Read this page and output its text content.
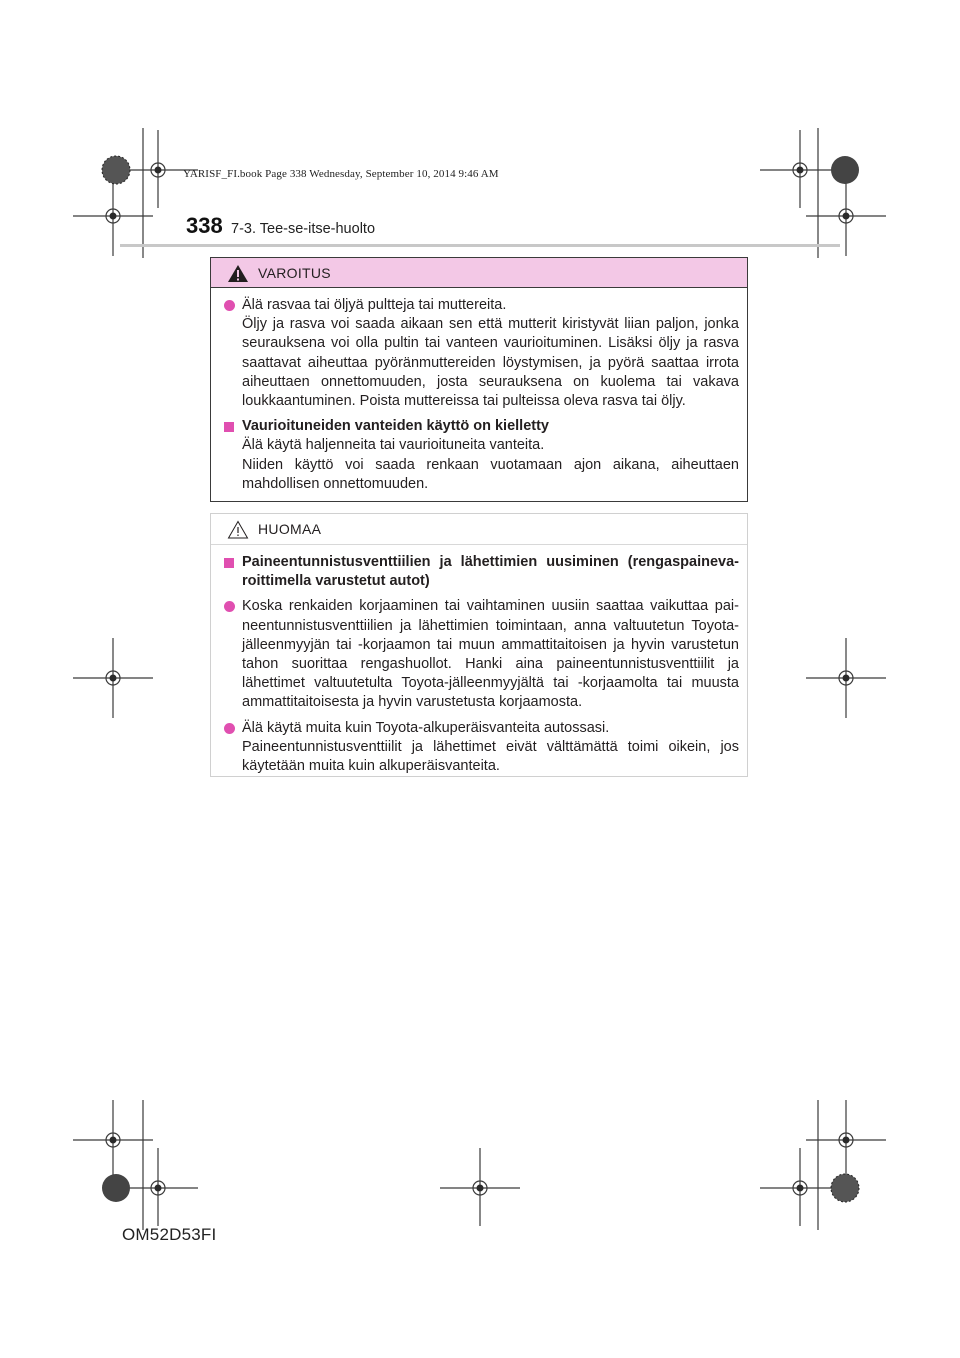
YARISF_FI.book Page 338 Wednesday, September 10, 2014 9:46 AM
338 7-3. Tee-se-itse-huolto
VAROITUS

Älä rasvaa tai öljyä pultteja tai muttereita.

Öljy ja rasva voi saada aikaan sen että mutterit kiristyvät liian paljon, jonka seurauksena voi olla pultin tai vanteen vaurioituminen. Lisäksi öljy ja rasva saattavat aiheuttaa pyöränmuttereiden löystymisen, ja pyörä saattaa irrota aiheuttaen onnettomuuden, josta seurauksena on kuolema tai vakava loukkaantuminen. Poista muttereissa tai pulteissa oleva rasva tai öljy.

Vaurioituneiden vanteiden käyttö on kielletty

Älä käytä haljenneita tai vaurioituneita vanteita.

Niiden käyttö voi saada renkaan vuotamaan ajon aikana, aiheuttaen mahdollisen onnettomuuden.

HUOMAA

Paineentunnistusventtiilien ja lähettimien uusiminen (rengaspainevaroittimella varustetut autot)

Koska renkaiden korjaaminen tai vaihtaminen uusiin saattaa vaikuttaa paineentunnistusventtiilien ja lähettimien toimintaan, anna valtuutetun Toyota-jälleenmyyjän tai -korjaamon tai muun ammattitaitoisen ja hyvin varustetun tahon suorittaa rengashuollot. Hanki aina paineentunnistusventtiilit ja lähettimet valtuutetulta Toyota-jälleenmyyjältä tai -korjaamolta tai muusta ammattitaitoisesta ja hyvin varustetusta korjaamosta.

Älä käytä muita kuin Toyota-alkuperäisvanteita autossasi.

Paineentunnistusventtiilit ja lähettimet eivät välttämättä toimi oikein, jos käytetään muita kuin alkuperäisvanteita.

OM52D53FI
